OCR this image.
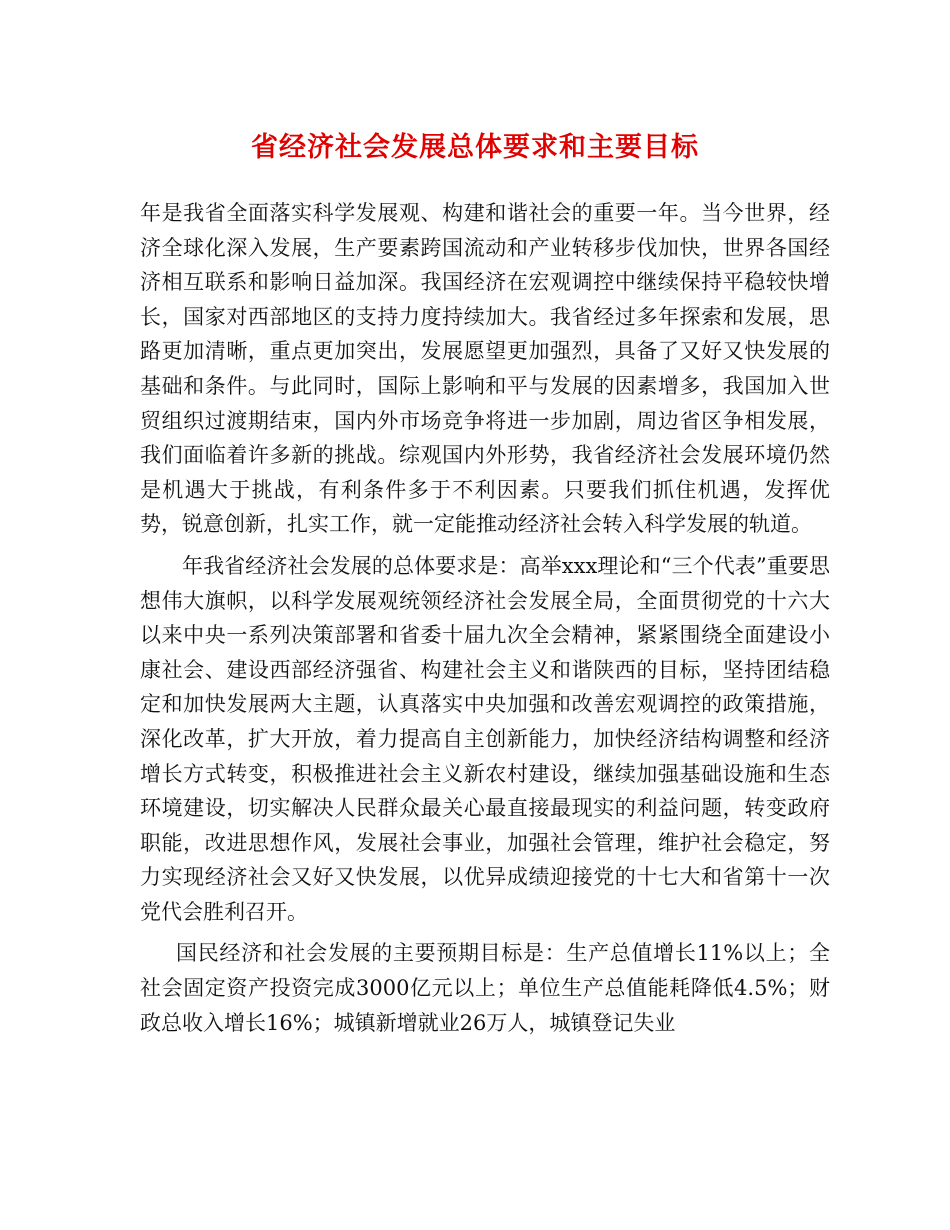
省经济社会发展总体要求和主要目标

年是我省全面落实科学发展观、构建和谐社会的重要一年。当今世界，经济全球化深入发展，生产要素跨国流动和产业转移步伐加快，世界各国经济相互联系和影响日益加深。我国经济在宏观调控中继续保持平稳较快增长，国家对西部地区的支持力度持续加大。我省经过多年探索和发展，思路更加清晰，重点更加突出，发展愿望更加强烈，具备了又好又快发展的基础和条件。与此同时，国际上影响和平与发展的因素增多，我国加入世贸组织过渡期结束，国内外市场竞争将进一步加剧，周边省区争相发展，我们面临着许多新的挑战。综观国内外形势，我省经济社会发展环境仍然是机遇大于挑战，有利条件多于不利因素。只要我们抓住机遇，发挥优势，锐意创新，扎实工作，就一定能推动经济社会转入科学发展的轨道。

年我省经济社会发展的总体要求是：高举xxx理论和“三个代表”重要思想伟大旗帜，以科学发展观统领经济社会发展全局，全面贯彻党的十六大以来中央一系列决策部署和省委十届九次全会精神，紧紧围绕全面建设小康社会、建设西部经济强省、构建社会主义和谐陕西的目标，坚持团结稳定和加快发展两大主题，认真落实中央加强和改善宏观调控的政策措施，深化改革，扩大开放，着力提高自主创新能力，加快经济结构调整和经济增长方式转变，积极推进社会主义新农村建设，继续加强基础设施和生态环境建设，切实解决人民群众最关心最直接最现实的利益问题，转变政府职能，改进思想作风，发展社会事业，加强社会管理，维护社会稳定，努力实现经济社会又好又快发展，以优异成绩迎接党的十七大和省第十一次党代会胜利召开。

国民经济和社会发展的主要预期目标是：生产总值增长11%以上；全社会固定资产投资完成3000亿元以上；单位生产总值能耗降低4.5%；财政总收入增长16%；城镇新增就业26万人，城镇登记失业
